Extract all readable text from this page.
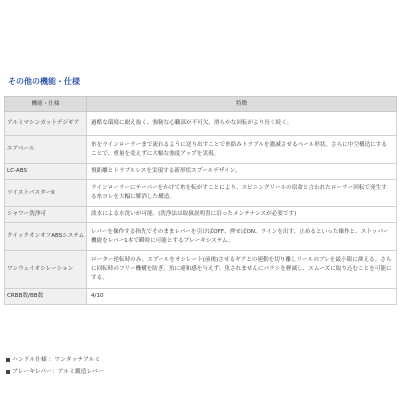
その他の機能・仕様
機能・仕様	特徴
アルミマシンカットデジギア	過酷な環境に耐え抜く、強靭な心臓部が不可欠。滑らかな回転がより長く続く。
エアベール	糸をラインローラーまで流れるように送り出すことで糸絡みトラブルを激減させるベール形状。さらに中空構造にすることで、重量を変えずに大幅な強度アップを実現。
LC-ABS	飛距離とトラブルレスを実現する新形状スプールデザイン。
ツイストバスターII	ラインローラーにテーパーをかけて糸を転がすことにより、スピニングリールの宿命と言われたローラー回転で発生する糸ヨレを大幅に解消した構造。
シャワー洗浄可	淡水による水洗いが可能。(洗浄法は取扱説明書に沿ったメンテナンスが必要です)
クイックオンオフABSシステム	レバーを操作する指先でそのままレバーを引けばOFF、押せばON。ラインを出す、止めるといった操作と、ストッパー機能をレバー1本で瞬時に可能とするブレーキシステム。
ワンウェイオシレーション	ローター逆転時のみ、スプールをオシレート(前後)させるギアとの連動を切り離しリールのブレを最小限に抑える。さらに回転時のフリー機構を防ぎ、魚に違和感を与えず、魚されませんにバラシを軽減し、スムーズに取り込むことを可能にする。
CRBB数/BB数	4/10
ハンドル仕様 ：ワンタッチアルミ
ブレーキレバー：アルミ鍛造レバー
